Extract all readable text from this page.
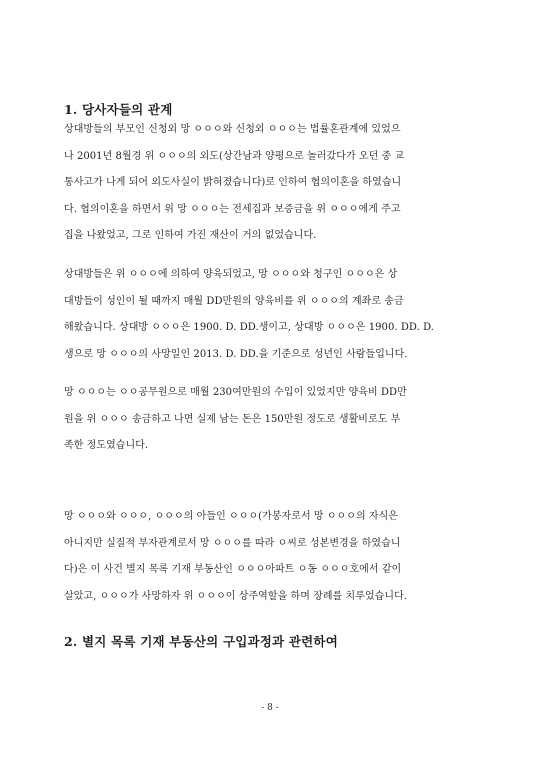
1. 당사자들의 관계
상대방들의 부모인 신청외 망 ㅇㅇㅇ와 신청외 ㅇㅇㅇ는 법률혼관계에 있었으
나 2001년 8월경 위 ㅇㅇㅇ의 외도(상간남과 양평으로 놀러갔다가 오던 중 교
통사고가 나게 되어 외도사실이 밝혀졌습니다)로 인하여 협의이혼을 하였습니
다. 협의이혼을 하면서 위 망 ㅇㅇㅇ는 전세집과 보증금을 위 ㅇㅇㅇ에게 주고
집을 나왔었고, 그로 인하여 가진 재산이 거의 없었습니다.
상대방들은 위 ㅇㅇㅇ에 의하여 양육되었고, 망 ㅇㅇㅇ와 청구인 ㅇㅇㅇ은 상
대방들이 성인이 될 때까지 매월 DD만원의 양육비를 위 ㅇㅇㅇ의 계좌로 송금
해왔습니다. 상대방 ㅇㅇㅇ은 1900. D. DD.생이고, 상대방 ㅇㅇㅇ은 1900. DD. D.
생으로 망 ㅇㅇㅇ의 사망일인 2013. D. DD.을 기준으로 성년인 사람들입니다.
망 ㅇㅇㅇ는 ㅇㅇ공무원으로 매월 230여만원의 수입이 있었지만 양육비 DD만
원을 위 ㅇㅇㅇ 송금하고 나면 실제 남는 돈은 150만원 정도로 생활비로도 부
족한 정도였습니다.
망 ㅇㅇㅇ와 ㅇㅇㅇ, ㅇㅇㅇ의 아들인 ㅇㅇㅇ(가봉자로서 망 ㅇㅇㅇ의 자식은
아니지만 실질적 부자관계로서 망 ㅇㅇㅇ를 따라 ㅇ씨로 성본변경을 하였습니
다)은 이 사건 별지 목록 기재 부동산인 ㅇㅇㅇ아파트 ㅇ동 ㅇㅇㅇ호에서 같이
살았고, ㅇㅇㅇ가 사망하자 위 ㅇㅇㅇ이 상주역할을 하며 장례를 치루었습니다.
2. 별지 목록 기재 부동산의 구입과정과 관련하여
- 8 -
